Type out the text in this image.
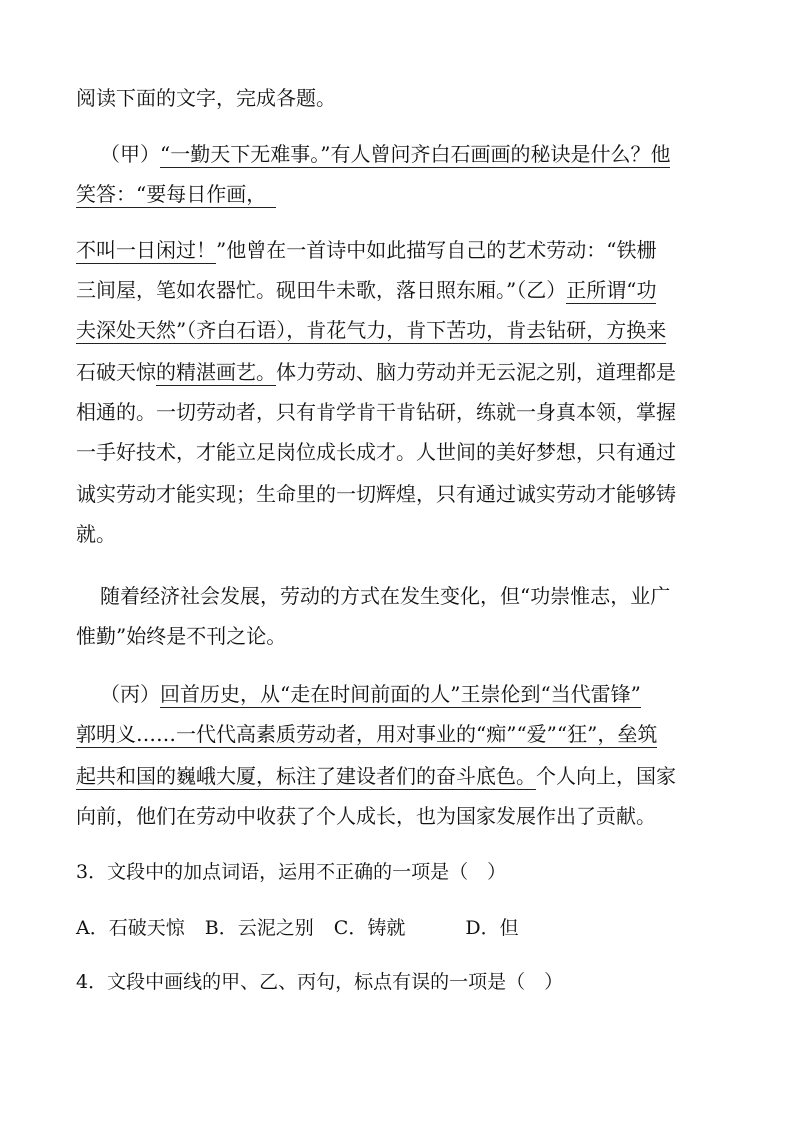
阅读下面的文字，完成各题。
（甲）“一勤天下无难事。”有人曾问齐白石画画的秘诀是什么？他
笑答：“要每日作画，　
不叫一日闲过！”他曾在一首诗中如此描写自己的艺术劳动：“铁栅
三间屋，笔如农器忙。砚田牛未歌，落日照东厢。”（乙）正所谓“功
夫深处天然”（齐白石语），肯花气力，肯下苦功，肯去钻研，方换来
石破天惊的精湛画艺。体力劳动、脑力劳动并无云泥之别，道理都是
相通的。一切劳动者，只有肯学肯干肯钻研，练就一身真本领，掌握
一手好技术，才能立足岗位成长成才。人世间的美好梦想，只有通过
诚实劳动才能实现；生命里的一切辉煌，只有通过诚实劳动才能够铸
就。
随着经济社会发展，劳动的方式在发生变化，但“功崇惟志，业广
惟勤”始终是不刊之论。
（丙）回首历史，从“走在时间前面的人”王崇伦到“当代雷锋”
郭明义……一代代高素质劳动者，用对事业的“痴”“爱”“狂”，垒筑
起共和国的巍峨大厦，标注了建设者们的奋斗底色。个人向上，国家
向前，他们在劳动中收获了个人成长，也为国家发展作出了贡献。
3．文段中的加点词语，运用不正确的一项是（　）
A．石破天惊 B．云泥之别 C．铸就	D．但
4．文段中画线的甲、乙、丙句，标点有误的一项是（　）
